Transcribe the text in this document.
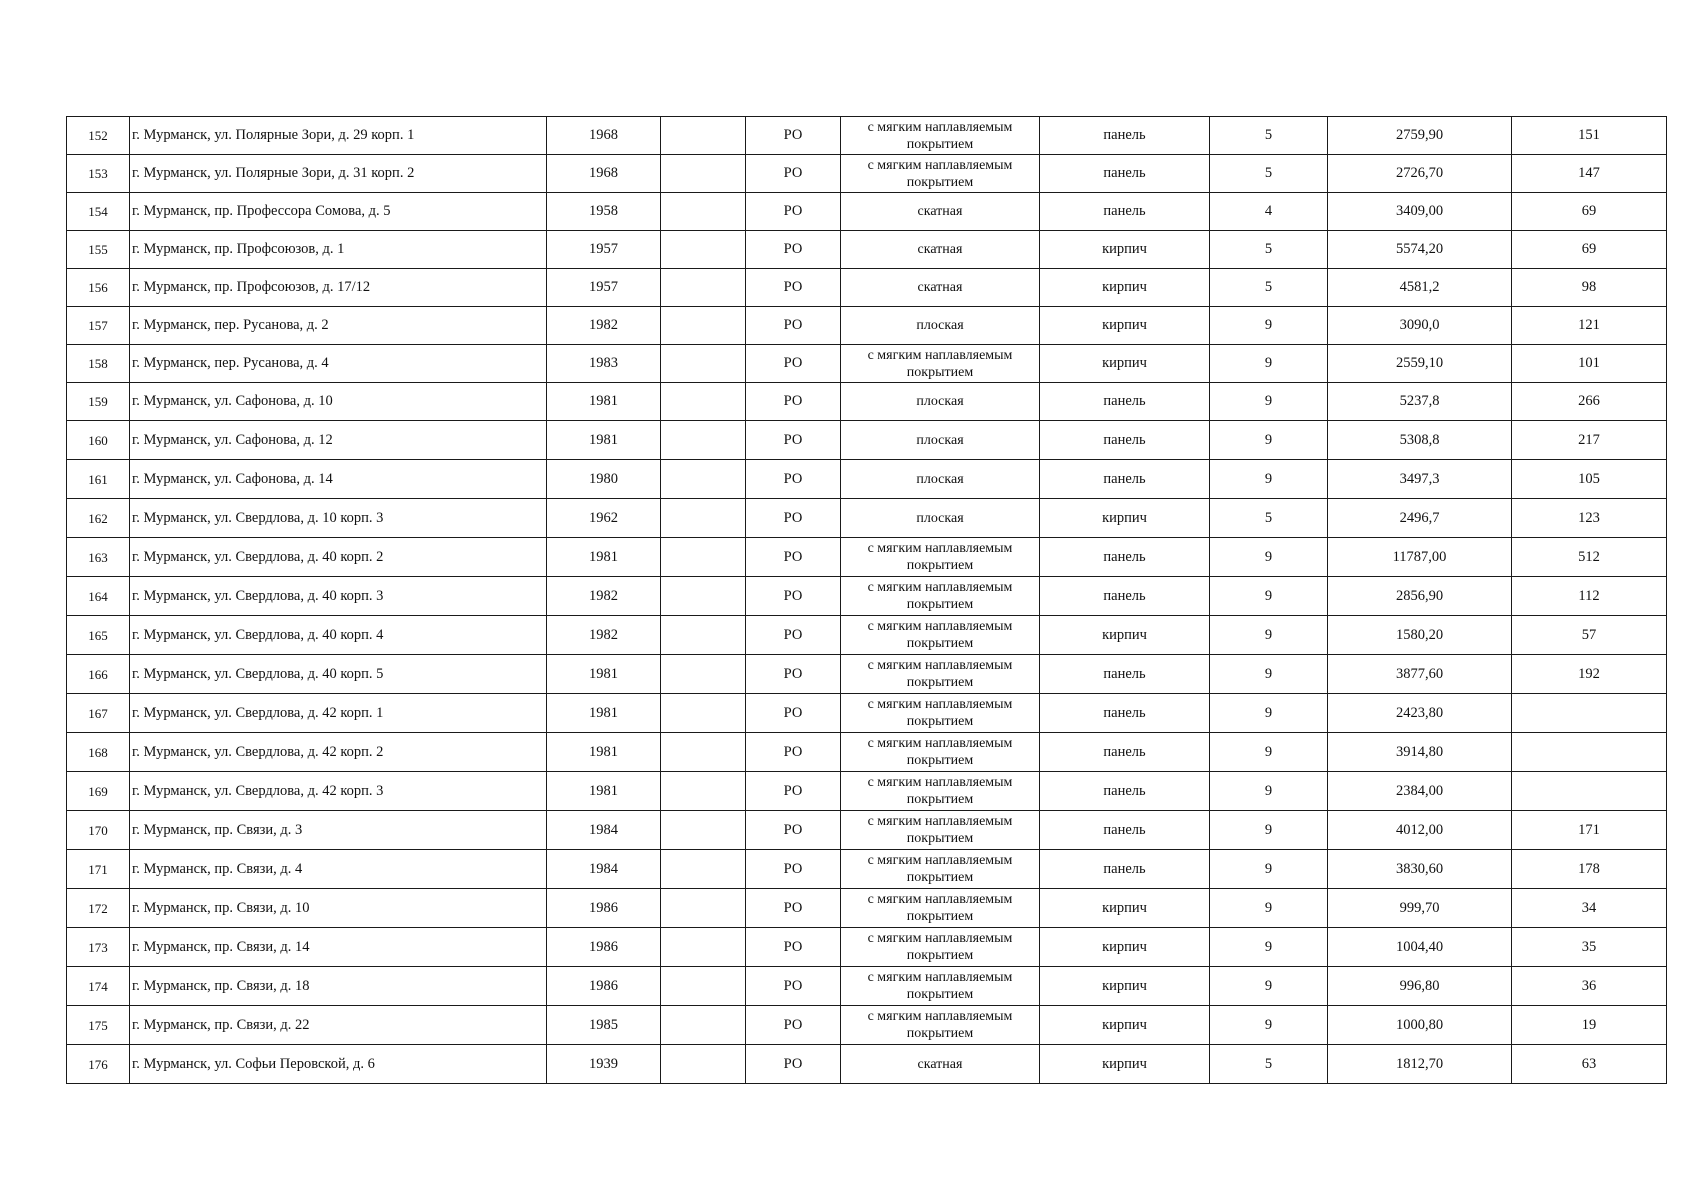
152	г. Мурманск, ул. Полярные Зори, д. 29 корп. 1	1968		РО	с мягким наплавляемым покрытием	панель	5	2759,90	151
153	г. Мурманск, ул. Полярные Зори, д. 31 корп. 2	1968		РО	с мягким наплавляемым покрытием	панель	5	2726,70	147
154	г. Мурманск, пр. Профессора Сомова, д. 5	1958		РО	скатная	панель	4	3409,00	69
155	г. Мурманск, пр. Профсоюзов, д. 1	1957		РО	скатная	кирпич	5	5574,20	69
156	г. Мурманск, пр. Профсоюзов, д. 17/12	1957		РО	скатная	кирпич	5	4581,2	98
157	г. Мурманск, пер. Русанова, д. 2	1982		РО	плоская	кирпич	9	3090,0	121
158	г. Мурманск, пер. Русанова, д. 4	1983		РО	с мягким наплавляемым покрытием	кирпич	9	2559,10	101
159	г. Мурманск, ул. Сафонова, д. 10	1981		РО	плоская	панель	9	5237,8	266
160	г. Мурманск, ул. Сафонова, д. 12	1981		РО	плоская	панель	9	5308,8	217
161	г. Мурманск, ул. Сафонова, д. 14	1980		РО	плоская	панель	9	3497,3	105
162	г. Мурманск, ул. Свердлова, д. 10 корп. 3	1962		РО	плоская	кирпич	5	2496,7	123
163	г. Мурманск, ул. Свердлова, д. 40 корп. 2	1981		РО	с мягким наплавляемым покрытием	панель	9	11787,00	512
164	г. Мурманск, ул. Свердлова, д. 40 корп. 3	1982		РО	с мягким наплавляемым покрытием	панель	9	2856,90	112
165	г. Мурманск, ул. Свердлова, д. 40 корп. 4	1982		РО	с мягким наплавляемым покрытием	кирпич	9	1580,20	57
166	г. Мурманск, ул. Свердлова, д. 40 корп. 5	1981		РО	с мягким наплавляемым покрытием	панель	9	3877,60	192
167	г. Мурманск, ул. Свердлова, д. 42 корп. 1	1981		РО	с мягким наплавляемым покрытием	панель	9	2423,80	
168	г. Мурманск, ул. Свердлова, д. 42 корп. 2	1981		РО	с мягким наплавляемым покрытием	панель	9	3914,80	
169	г. Мурманск, ул. Свердлова, д. 42 корп. 3	1981		РО	с мягким наплавляемым покрытием	панель	9	2384,00	
170	г. Мурманск, пр. Связи, д. 3	1984		РО	с мягким наплавляемым покрытием	панель	9	4012,00	171
171	г. Мурманск, пр. Связи, д. 4	1984		РО	с мягким наплавляемым покрытием	панель	9	3830,60	178
172	г. Мурманск, пр. Связи, д. 10	1986		РО	с мягким наплавляемым покрытием	кирпич	9	999,70	34
173	г. Мурманск, пр. Связи, д. 14	1986		РО	с мягким наплавляемым покрытием	кирпич	9	1004,40	35
174	г. Мурманск, пр. Связи, д. 18	1986		РО	с мягким наплавляемым покрытием	кирпич	9	996,80	36
175	г. Мурманск, пр. Связи, д. 22	1985		РО	с мягким наплавляемым покрытием	кирпич	9	1000,80	19
176	г. Мурманск, ул. Софьи Перовской, д. 6	1939		РО	скатная	кирпич	5	1812,70	63
